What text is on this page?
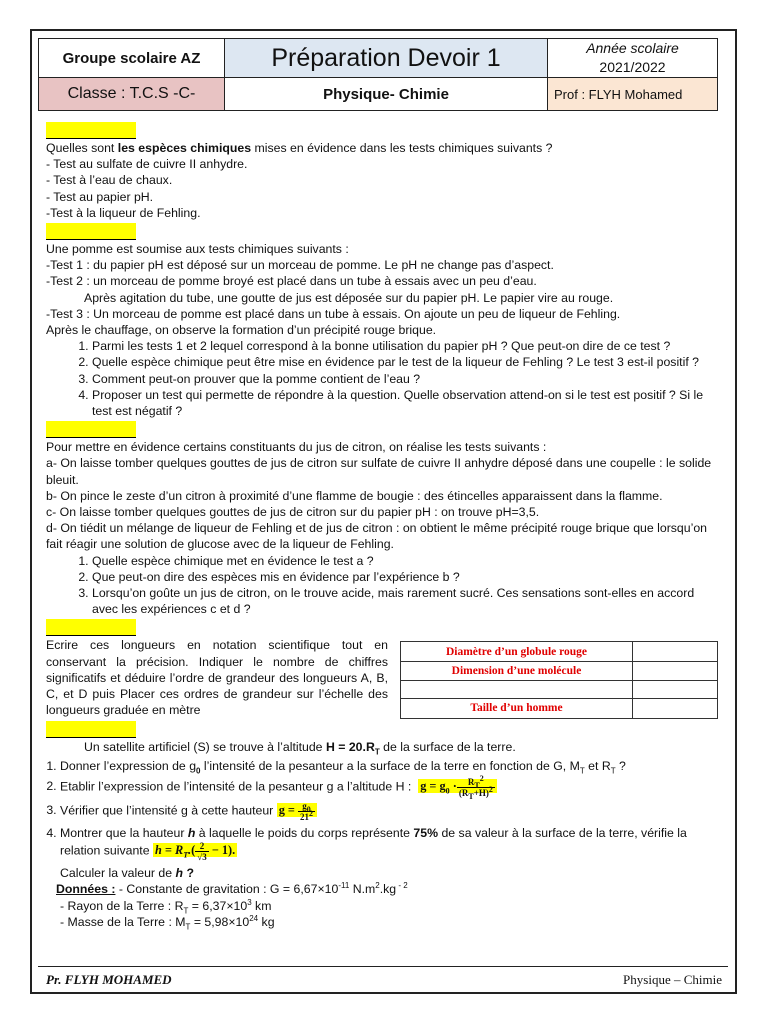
Groupe scolaire AZ	Préparation Devoir 1	Année scolaire
2021/2022
Classe : T.C.S -C-	Physique- Chimie	Prof : FLYH Mohamed

Quelles sont les espèces chimiques mises en évidence dans les tests chimiques suivants ?

- Test au sulfate de cuivre II anhydre.

- Test à l’eau de chaux.

- Test au papier pH.

-Test à la liqueur de Fehling.

Une pomme est soumise aux tests chimiques suivants :

-Test 1 : du papier pH est déposé sur un morceau de pomme. Le pH ne change pas d’aspect.

-Test 2 : un morceau de pomme broyé est placé dans un tube à essais avec un peu d’eau.

Après agitation du tube, une goutte de jus est déposée sur du papier pH. Le papier vire au rouge.

-Test 3 : Un morceau de pomme est placé dans un tube à essais. On ajoute un peu de liqueur de Fehling.

Après le chauffage, on observe la formation d’un précipité rouge brique.

1. Parmi les tests 1 et 2 lequel correspond à la bonne utilisation du papier pH ? Que peut-on dire de ce test ?
2. Quelle espèce chimique peut être mise en évidence par le test de la liqueur de Fehling ? Le test 3 est-il positif ?
3. Comment peut-on prouver que la pomme contient de l’eau ?
4. Proposer un test qui permette de répondre à la question. Quelle observation attend-on si le test est positif ? Si le test est négatif ?

Pour mettre en évidence certains constituants du jus de citron, on réalise les tests suivants :

a- On laisse tomber quelques gouttes de jus de citron sur sulfate de cuivre II anhydre déposé dans une coupelle : le solide bleuit.

b- On pince le zeste d’un citron à proximité d’une flamme de bougie : des étincelles apparaissent dans la flamme.

c- On laisse tomber quelques gouttes de jus de citron sur du papier pH : on trouve pH=3,5.

d- On tiédit un mélange de liqueur de Fehling et de jus de citron : on obtient le même précipité rouge brique que lorsqu’on fait réagir une solution de glucose avec de la liqueur de Fehling.

1. Quelle espèce chimique met en évidence le test a ?
2. Que peut-on dire des espèces mis en évidence par l’expérience b ?
3. Lorsqu’on goûte un jus de citron, on le trouve acide, mais rarement sucré. Ces sensations sont-elles en accord avec les expériences c et d ?

Ecrire ces longueurs en notation scientifique tout en conservant la précision. Indiquer le nombre de chiffres significatifs et déduire l’ordre de grandeur des longueurs A, B, C, et D puis Placer ces ordres de grandeur sur l’échelle des longueurs graduée en mètre

Diamètre d’un globule rouge	
Dimension d’une molécule	

Taille d’un homme	

Un satellite artificiel (S) se trouve à l’altitude $H = 20.R_T$ de la surface de la terre.

1. Donner l’expression de $g_0$ l’intensité de la pesanteur a la surface de la terre en fonction de G, $M_T$ et $R_T$ ?
2. Etablir l’expression de l’intensité de la pesanteur g a l’altitude H : $g = g_0 \cdot \frac{R_T^2}{(R_T+H)^2}$
3. Vérifier que l’intensité g à cette hauteur $g = \frac{g_0}{21^2}$
4. Montrer que la hauteur h à laquelle le poids du corps représente 75% de sa valeur à la surface de la terre, vérifie la relation suivante $h = R_T.( \frac{2}{√3} - 1)$.

Calculer la valeur de h ?

Données : - Constante de gravitation : $G = 6,67\times 10^{-11}$ $N.m^2.kg$ $^{- 2}$

- Rayon de la Terre : $R_T = 6,37\times 10^3$ km

- Masse de la Terre : $M_T = 5,98\times 10^{24}$ kg

Pr. FLYH MOHAMED	Physique – Chimie
